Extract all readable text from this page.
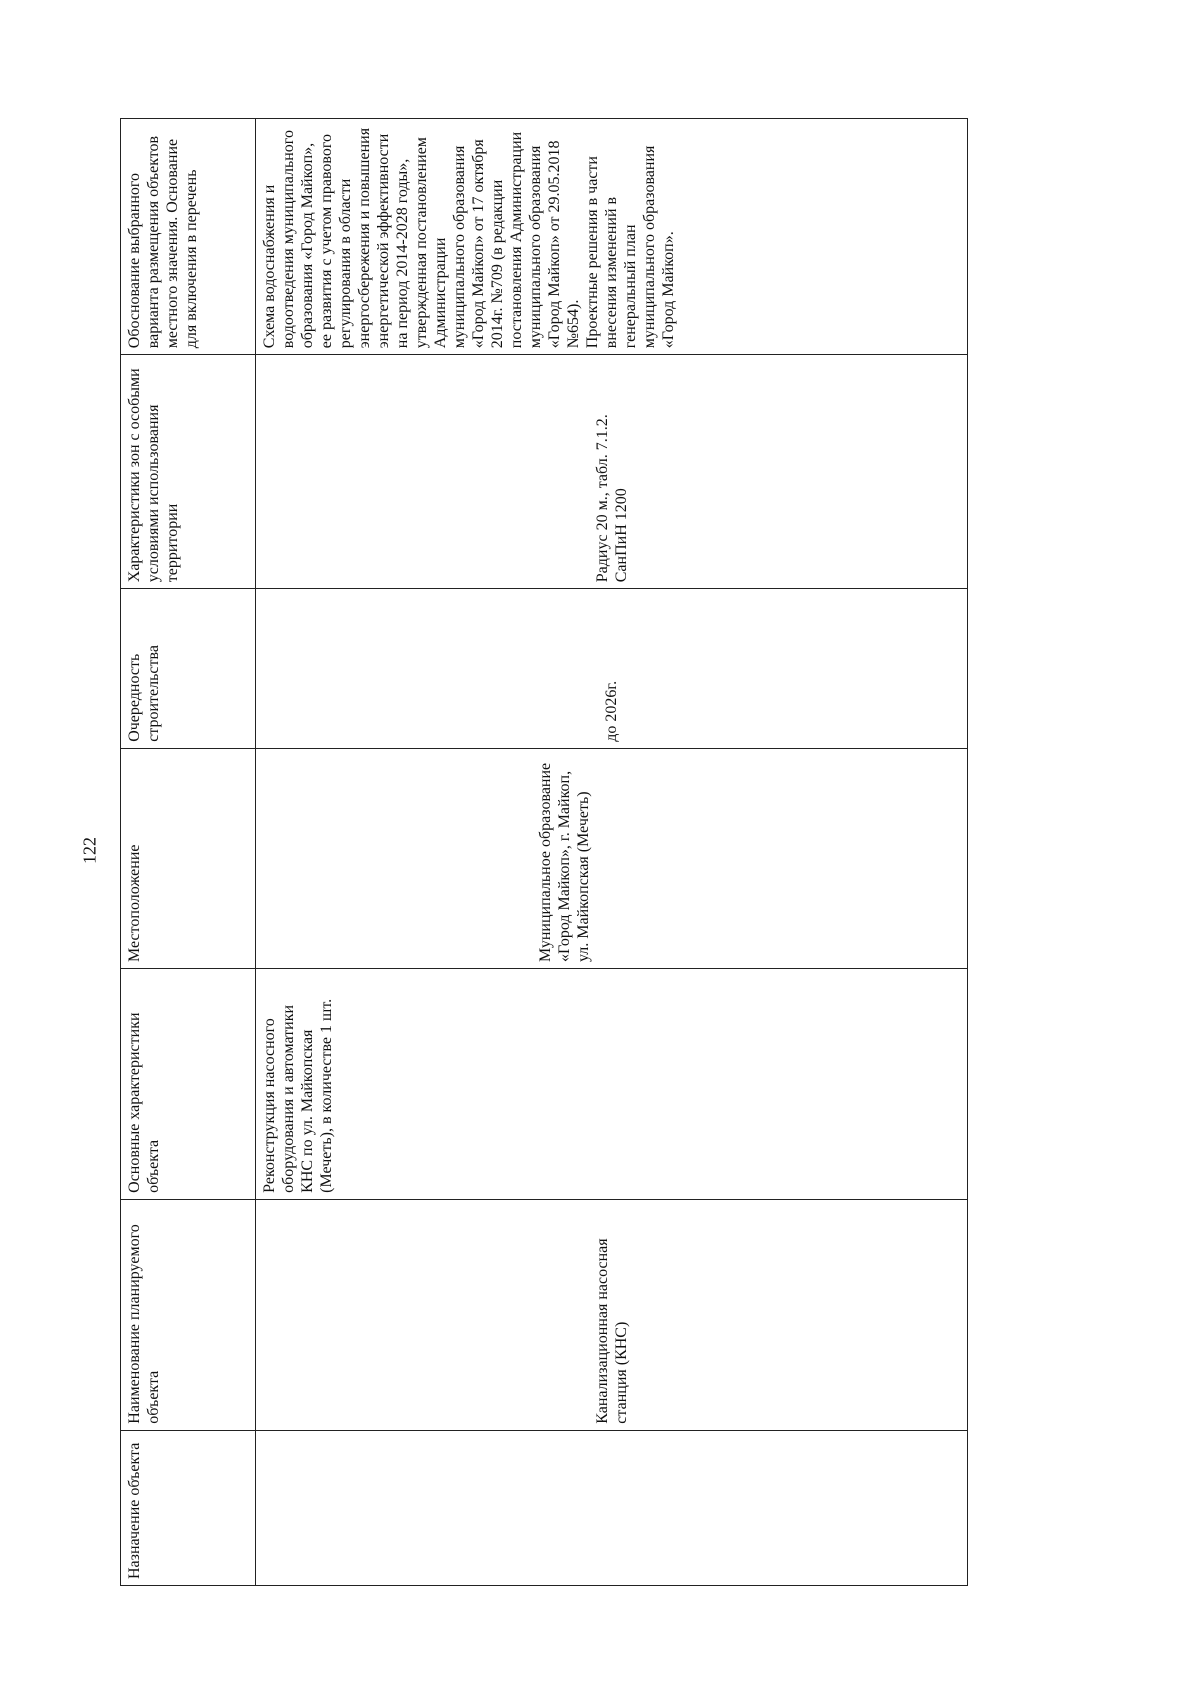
122
Назначение объекта	Наименование планируемого объекта	Основные характеристики объекта	Местоположение	Очередность строительства	Характеристики зон с особыми условиями использования территории	Обоснование выбранного варианта размещения объектов местного значения. Основание для включения в перечень
	Канализационная насосная станция (КНС)	Реконструкция насосного оборудования и автоматики КНС по ул. Майкопская (Мечеть), в количестве 1 шт.	Муниципальное образование «Город Майкоп», г. Майкоп, ул. Майкопская (Мечеть)	до 2026г.	Радиус 20 м., табл. 7.1.2. СанПиН 1200	Схема водоснабжения и водоотведения муниципального образования «Город Майкоп», ее развития с учетом правового регулирования в области энергосбережения и повышения энергетической эффективности на период 2014-2028 годы», утвержденная постановлением Администрации муниципального образования «Город Майкоп» от 17 октября 2014г. №709 (в редакции постановления Администрации муниципального образования «Город Майкоп» от 29.05.2018 №654). Проектные решения в части внесения изменений в генеральный план муниципального образования «Город Майкоп».
